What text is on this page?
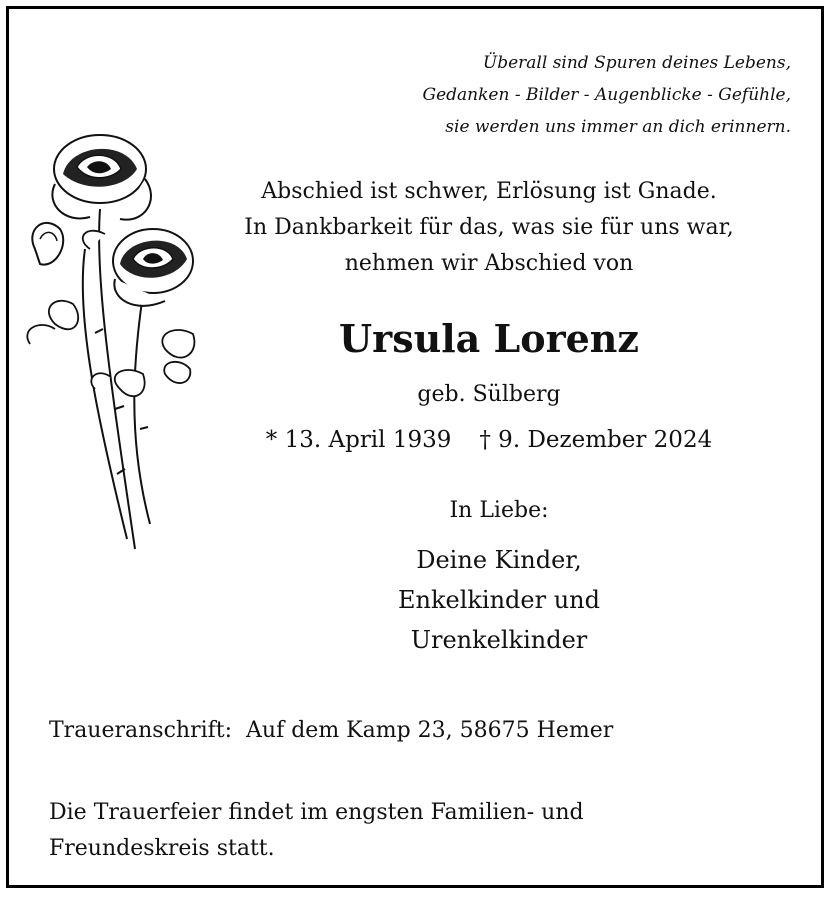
Überall sind Spuren deines Lebens,
Gedanken - Bilder - Augenblicke - Gefühle,
sie werden uns immer an dich erinnern.
Abschied ist schwer, Erlösung ist Gnade.
In Dankbarkeit für das, was sie für uns war,
nehmen wir Abschied von
Ursula Lorenz
geb. Sülberg
* 13. April 1939 † 9. Dezember 2024
In Liebe:
Deine Kinder,
Enkelkinder und
Urenkelkinder
Traueranschrift: Auf dem Kamp 23, 58675 Hemer
Die Trauerfeier findet im engsten Familien- und Freundeskreis statt.
